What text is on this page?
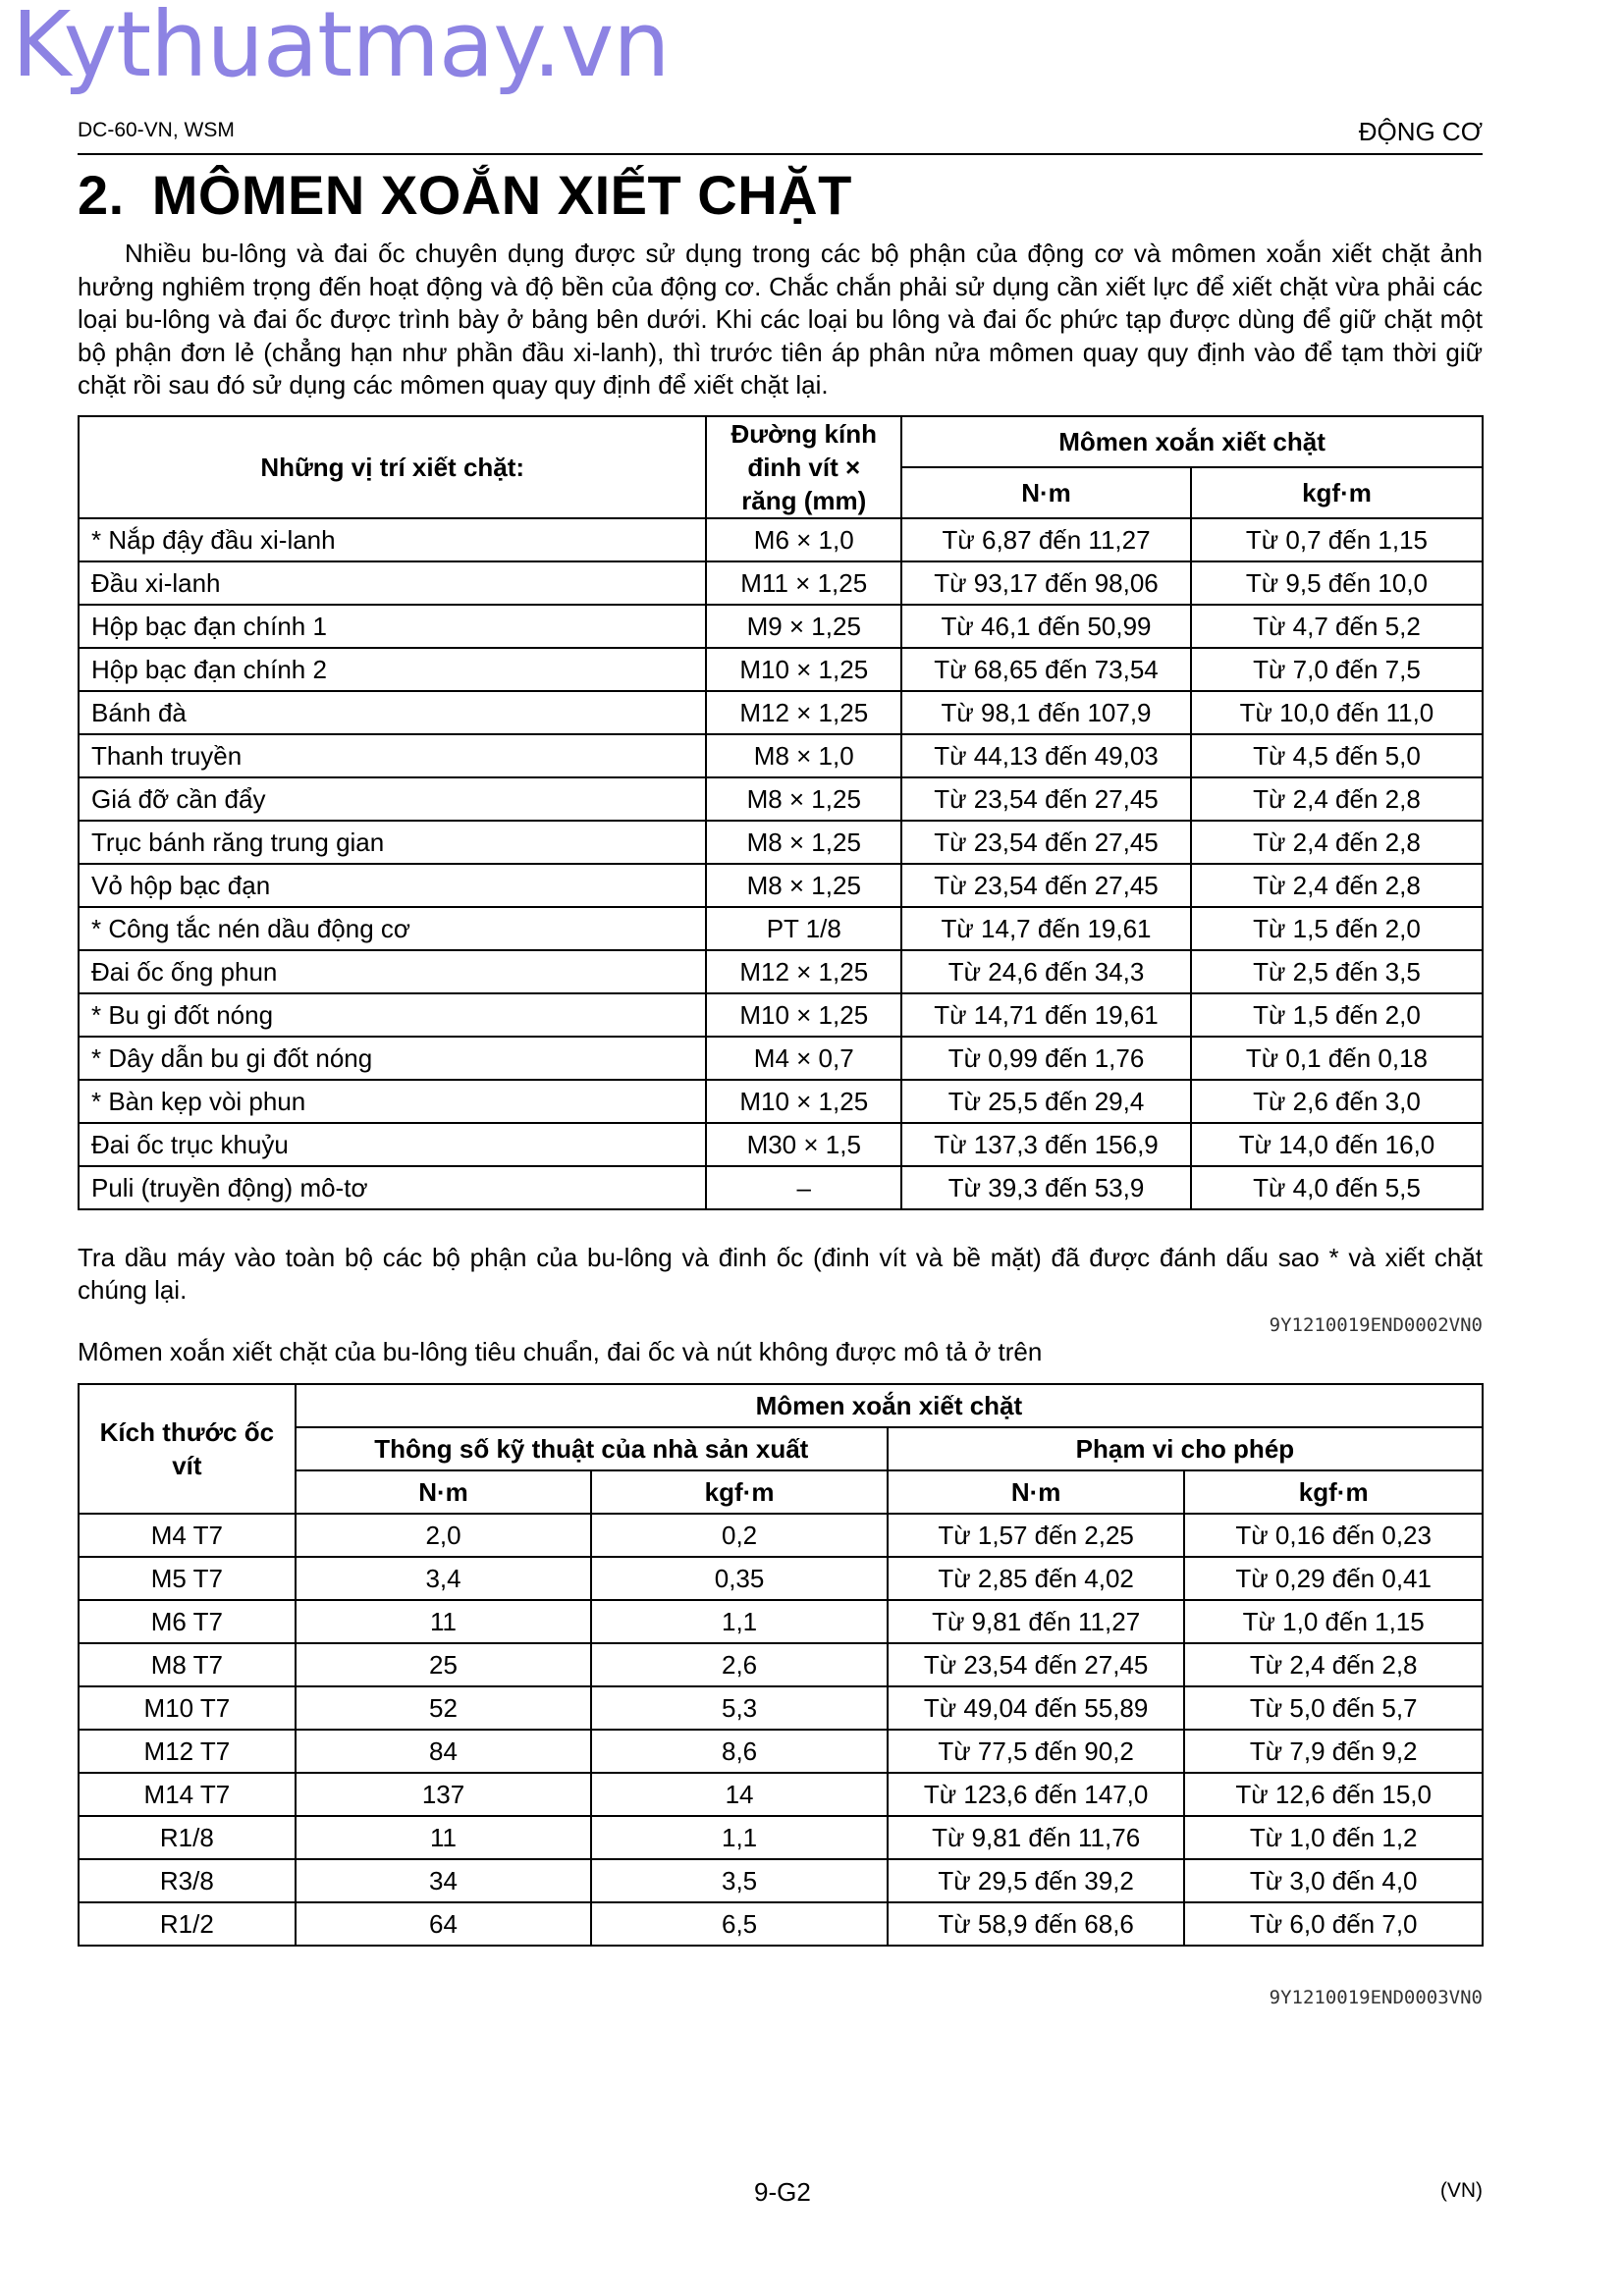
Kythuatmay.vn
DC-60-VN, WSM	ĐỘNG CƠ
2. MÔMEN XOẮN XIẾT CHẶT

Nhiều bu-lông và đai ốc chuyên dụng được sử dụng trong các bộ phận của động cơ và mômen xoắn xiết chặt ảnh hưởng nghiêm trọng đến hoạt động và độ bền của động cơ. Chắc chắn phải sử dụng cần xiết lực để xiết chặt vừa phải các loại bu-lông và đai ốc được trình bày ở bảng bên dưới. Khi các loại bu lông và đai ốc phức tạp được dùng để giữ chặt một bộ phận đơn lẻ (chẳng hạn như phần đầu xi-lanh), thì trước tiên áp phân nửa mômen quay quy định vào để tạm thời giữ chặt rồi sau đó sử dụng các mômen quay quy định để xiết chặt lại.

Những vị trí xiết chặt:	Đường kính đinh vít × răng (mm)	Mômen xoắn xiết chặt	
		N·m	kgf·m
* Nắp đậy đầu xi-lanh	M6 × 1,0	Từ 6,87 đến 11,27	Từ 0,7 đến 1,15
Đầu xi-lanh	M11 × 1,25	Từ 93,17 đến 98,06	Từ 9,5 đến 10,0
Hộp bạc đạn chính 1	M9 × 1,25	Từ 46,1 đến 50,99	Từ 4,7 đến 5,2
Hộp bạc đạn chính 2	M10 × 1,25	Từ 68,65 đến 73,54	Từ 7,0 đến 7,5
Bánh đà	M12 × 1,25	Từ 98,1 đến 107,9	Từ 10,0 đến 11,0
Thanh truyền	M8 × 1,0	Từ 44,13 đến 49,03	Từ 4,5 đến 5,0
Giá đỡ cần đẩy	M8 × 1,25	Từ 23,54 đến 27,45	Từ 2,4 đến 2,8
Trục bánh răng trung gian	M8 × 1,25	Từ 23,54 đến 27,45	Từ 2,4 đến 2,8
Vỏ hộp bạc đạn	M8 × 1,25	Từ 23,54 đến 27,45	Từ 2,4 đến 2,8
* Công tắc nén dầu động cơ	PT 1/8	Từ 14,7 đến 19,61	Từ 1,5 đến 2,0
Đai ốc ống phun	M12 × 1,25	Từ 24,6 đến 34,3	Từ 2,5 đến 3,5
* Bu gi đốt nóng	M10 × 1,25	Từ 14,71 đến 19,61	Từ 1,5 đến 2,0
* Dây dẫn bu gi đốt nóng	M4 × 0,7	Từ 0,99 đến 1,76	Từ 0,1 đến 0,18
* Bàn kẹp vòi phun	M10 × 1,25	Từ 25,5 đến 29,4	Từ 2,6 đến 3,0
Đai ốc trục khuỷu	M30 × 1,5	Từ 137,3 đến 156,9	Từ 14,0 đến 16,0
Puli (truyền động) mô-tơ	–	Từ 39,3 đến 53,9	Từ 4,0 đến 5,5

Tra dầu máy vào toàn bộ các bộ phận của bu-lông và đinh ốc (đinh vít và bề mặt) đã được đánh dấu sao * và xiết chặt chúng lại.

9Y1210019END0002VN0
Mômen xoắn xiết chặt của bu-lông tiêu chuẩn, đai ốc và nút không được mô tả ở trên
Kích thước ốc vít	Mômen xoắn xiết chặt			
	Thông số kỹ thuật của nhà sản xuất		Phạm vi cho phép	
	N·m	kgf·m	N·m	kgf·m
M4 T7	2,0	0,2	Từ 1,57 đến 2,25	Từ 0,16 đến 0,23
M5 T7	3,4	0,35	Từ 2,85 đến 4,02	Từ 0,29 đến 0,41
M6 T7	11	1,1	Từ 9,81 đến 11,27	Từ 1,0 đến 1,15
M8 T7	25	2,6	Từ 23,54 đến 27,45	Từ 2,4 đến 2,8
M10 T7	52	5,3	Từ 49,04 đến 55,89	Từ 5,0 đến 5,7
M12 T7	84	8,6	Từ 77,5 đến 90,2	Từ 7,9 đến 9,2
M14 T7	137	14	Từ 123,6 đến 147,0	Từ 12,6 đến 15,0
R1/8	11	1,1	Từ 9,81 đến 11,76	Từ 1,0 đến 1,2
R3/8	34	3,5	Từ 29,5 đến 39,2	Từ 3,0 đến 4,0
R1/2	64	6,5	Từ 58,9 đến 68,6	Từ 6,0 đến 7,0
9Y1210019END0003VN0
9-G2	(VN)
